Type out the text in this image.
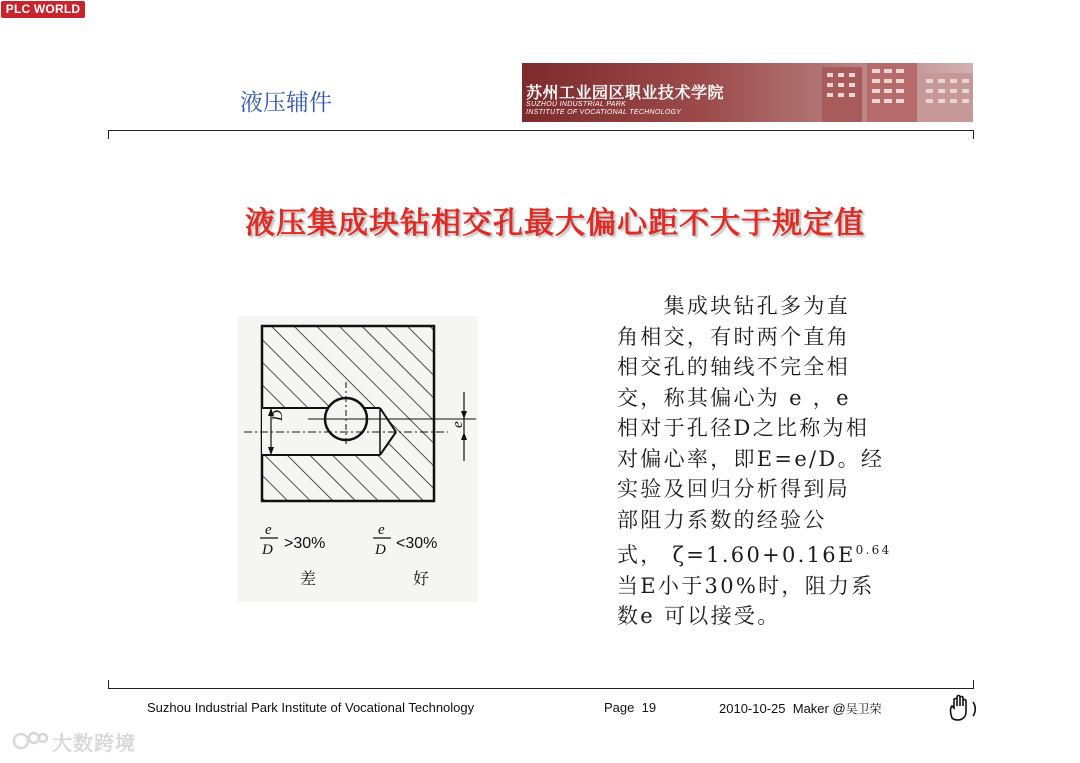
PLC WORLD
液压辅件	苏州工业园区职业技术学院
SUZHOU INDUSTRIAL PARK
INSTITUTE OF VOCATIONAL TECHNOLOGY
液压集成块钻相交孔最大偏心距不大于规定值
D
e
e
D >30%
e
D <30%
差	好
　　集成块钻孔多为直
角相交，有时两个直角
相交孔的轴线不完全相
交，称其偏心为 e ，e
相对于孔径D之比称为相
对偏心率，即E=e/D。经
实验及回归分析得到局
部阻力系数的经验公
式， $\zeta=1.60+0.16E^{0.64}$
当E小于30%时，阻力系
数e 可以接受。
Suzhou Industrial Park Institute of Vocational Technology	Page 19	2010-10-25 Maker @吴卫荣
大数跨境
